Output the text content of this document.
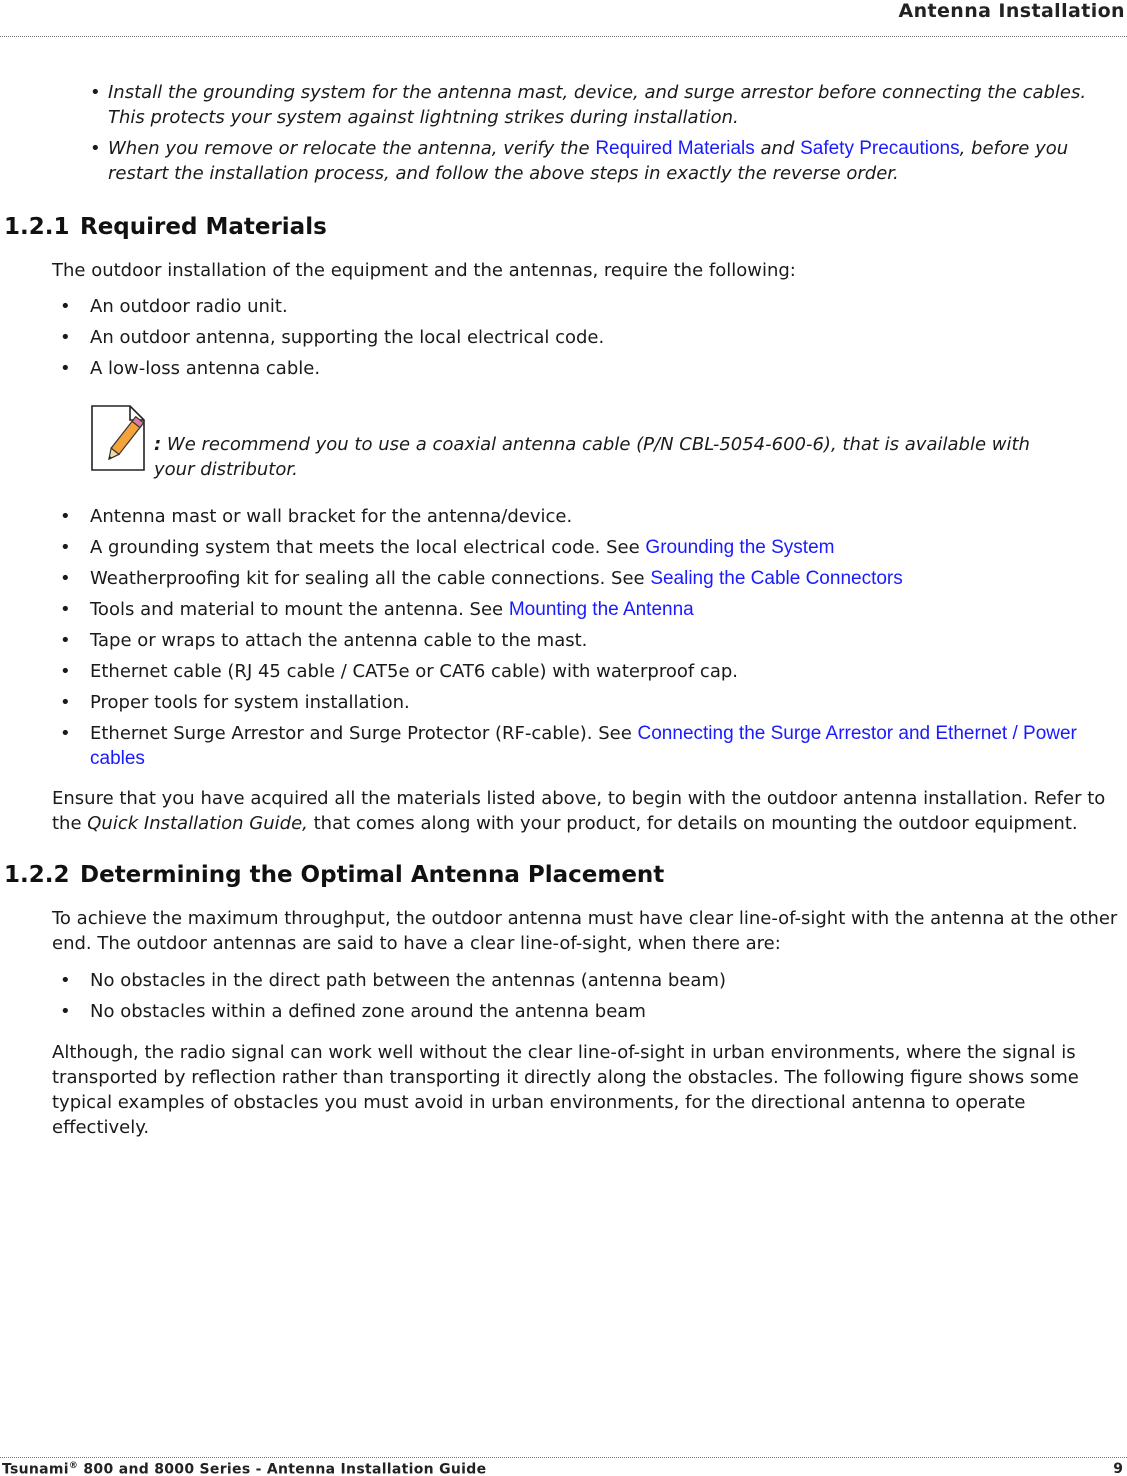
Antenna Installation
• Install the grounding system for the antenna mast, device, and surge arrestor before connecting the cables. This protects your system against lightning strikes during installation.
• When you remove or relocate the antenna, verify the Required Materials and Safety Precautions, before you restart the installation process, and follow the above steps in exactly the reverse order.
1.2.1 Required Materials
The outdoor installation of the equipment and the antennas, require the following:
• An outdoor radio unit.
• An outdoor antenna, supporting the local electrical code.
• A low-loss antenna cable.
: We recommend you to use a coaxial antenna cable (P/N CBL-5054-600-6), that is available with your distributor.
• Antenna mast or wall bracket for the antenna/device.
• A grounding system that meets the local electrical code. See Grounding the System
• Weatherproofing kit for sealing all the cable connections. See Sealing the Cable Connectors
• Tools and material to mount the antenna. See Mounting the Antenna
• Tape or wraps to attach the antenna cable to the mast.
• Ethernet cable (RJ 45 cable / CAT5e or CAT6 cable) with waterproof cap.
• Proper tools for system installation.
• Ethernet Surge Arrestor and Surge Protector (RF-cable). See Connecting the Surge Arrestor and Ethernet / Power cables
Ensure that you have acquired all the materials listed above, to begin with the outdoor antenna installation. Refer to the Quick Installation Guide, that comes along with your product, for details on mounting the outdoor equipment.
1.2.2 Determining the Optimal Antenna Placement
To achieve the maximum throughput, the outdoor antenna must have clear line-of-sight with the antenna at the other end. The outdoor antennas are said to have a clear line-of-sight, when there are:
• No obstacles in the direct path between the antennas (antenna beam)
• No obstacles within a defined zone around the antenna beam
Although, the radio signal can work well without the clear line-of-sight in urban environments, where the signal is transported by reflection rather than transporting it directly along the obstacles. The following figure shows some typical examples of obstacles you must avoid in urban environments, for the directional antenna to operate effectively.
Tsunami® 800 and 8000 Series - Antenna Installation Guide	9
